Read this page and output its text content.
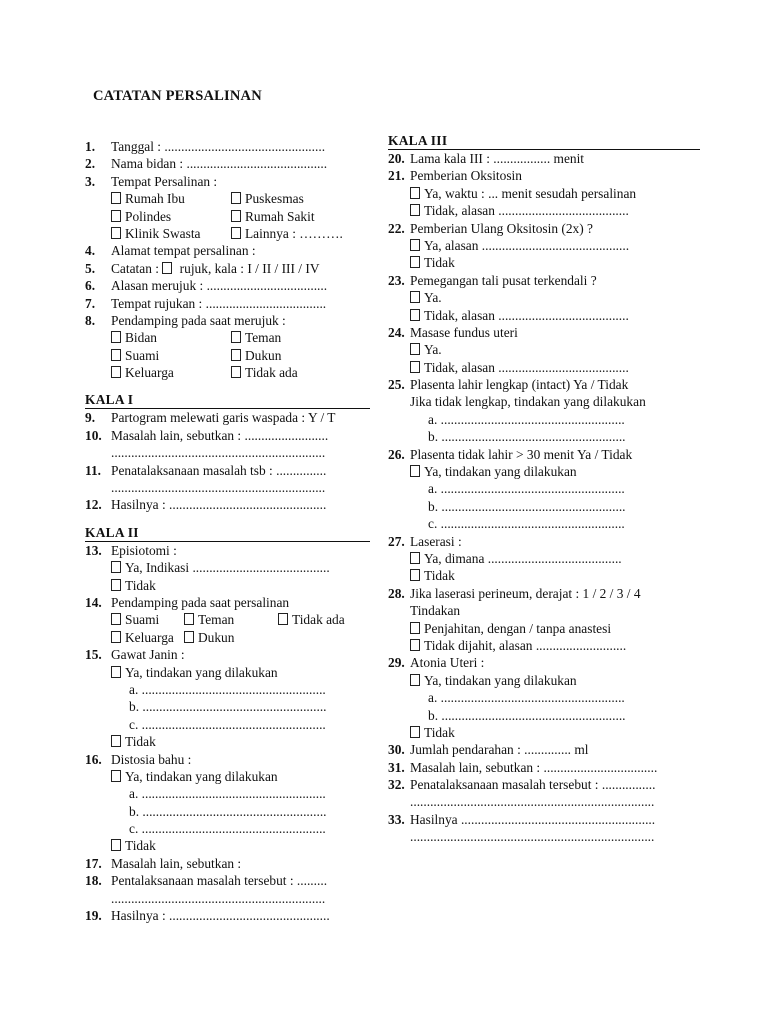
CATATAN PERSALINAN
1.	Tanggal : ................................................
2.	Nama bidan : ..........................................
3.	Tempat Persalinan :
Rumah Ibu	Puskesmas
Polindes	Rumah Sakit
Klinik Swasta	Lainnya : ……….
4.	Alamat tempat persalinan :
5.	Catatan :  rujuk, kala : I / II / III / IV
6.	Alasan merujuk : ....................................
7.	Tempat rujukan : ....................................
8.	Pendamping pada saat merujuk :
Bidan	Teman
Suami	Dukun
Keluarga	Tidak ada
KALA I
9.	Partogram melewati garis waspada : Y / T
10. Masalah lain, sebutkan : .........................
................................................................
11. Penatalaksanaan masalah tsb : ...............
................................................................
12. Hasilnya : ...............................................
KALA II
13. Episiotomi :
Ya, Indikasi .........................................
Tidak
14. Pendamping pada saat persalinan
Suami	Teman	Tidak ada
Keluarga Dukun
15. Gawat Janin :
Ya, tindakan yang dilakukan
a. .......................................................
b. .......................................................
c. .......................................................
Tidak
16. Distosia bahu :
Ya, tindakan yang dilakukan
a. .......................................................
b. .......................................................
c. .......................................................
Tidak
17. Masalah lain, sebutkan :
18. Pentalaksanaan masalah tersebut : .........
................................................................
19. Hasilnya : ................................................
KALA III
20. Lama kala III : ................. menit
21. Pemberian Oksitosin
Ya, waktu : ... menit sesudah persalinan
Tidak, alasan .......................................
22. Pemberian Ulang Oksitosin (2x) ?
Ya, alasan ............................................
Tidak
23. Pemegangan tali pusat terkendali ?
Ya.
Tidak, alasan .......................................
24. Masase fundus uteri
Ya.
Tidak, alasan .......................................
25. Plasenta lahir lengkap (intact) Ya / Tidak
Jika tidak lengkap, tindakan yang dilakukan
a. .......................................................
b. .......................................................
26. Plasenta tidak lahir > 30 menit Ya / Tidak
Ya, tindakan yang dilakukan
a. .......................................................
b. .......................................................
c. .......................................................
27. Laserasi :
Ya, dimana ........................................
Tidak
28. Jika laserasi perineum, derajat : 1 / 2 / 3 / 4
Tindakan
Penjahitan, dengan / tanpa anastesi
Tidak dijahit, alasan ...........................
29. Atonia Uteri :
Ya, tindakan yang dilakukan
a. .......................................................
b. .......................................................
Tidak
30. Jumlah pendarahan : .............. ml
31. Masalah lain, sebutkan : ..................................
32. Penatalaksanaan masalah tersebut : ................
.........................................................................
33. Hasilnya ..........................................................
.........................................................................
